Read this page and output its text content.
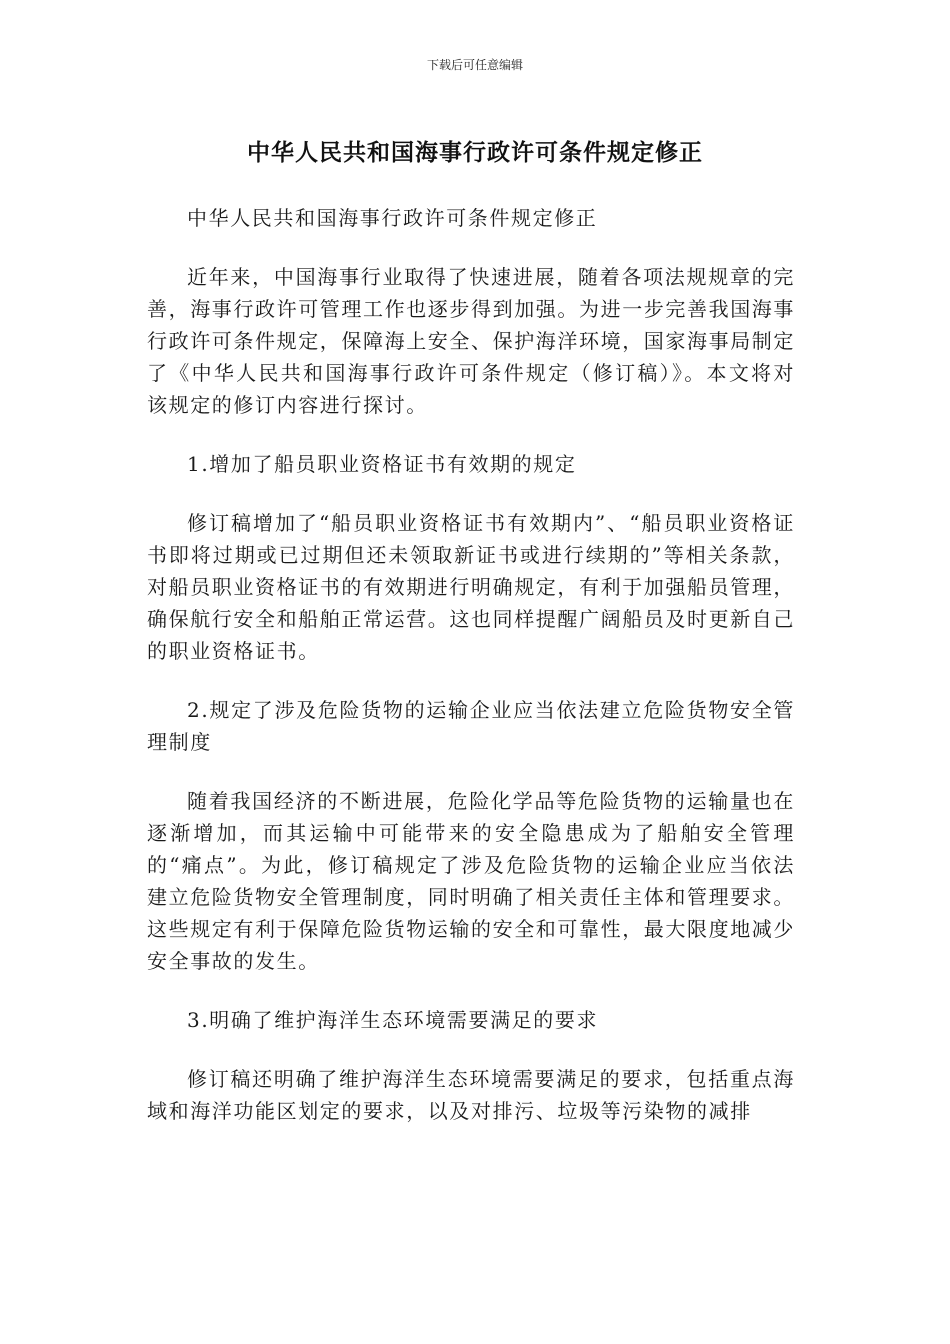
下载后可任意编辑
中华人民共和国海事行政许可条件规定修正

中华人民共和国海事行政许可条件规定修正

近年来，中国海事行业取得了快速进展，随着各项法规规章的完善，海事行政许可管理工作也逐步得到加强。为进一步完善我国海事行政许可条件规定，保障海上安全、保护海洋环境，国家海事局制定了《中华人民共和国海事行政许可条件规定（修订稿）》。本文将对该规定的修订内容进行探讨。

1.增加了船员职业资格证书有效期的规定

修订稿增加了“船员职业资格证书有效期内”、“船员职业资格证书即将过期或已过期但还未领取新证书或进行续期的”等相关条款，对船员职业资格证书的有效期进行明确规定，有利于加强船员管理，确保航行安全和船舶正常运营。这也同样提醒广阔船员及时更新自己的职业资格证书。

2.规定了涉及危险货物的运输企业应当依法建立危险货物安全管理制度

随着我国经济的不断进展，危险化学品等危险货物的运输量也在逐渐增加，而其运输中可能带来的安全隐患成为了船舶安全管理的“痛点”。为此，修订稿规定了涉及危险货物的运输企业应当依法建立危险货物安全管理制度，同时明确了相关责任主体和管理要求。这些规定有利于保障危险货物运输的安全和可靠性，最大限度地减少安全事故的发生。

3.明确了维护海洋生态环境需要满足的要求

修订稿还明确了维护海洋生态环境需要满足的要求，包括重点海域和海洋功能区划定的要求，以及对排污、垃圾等污染物的减排
